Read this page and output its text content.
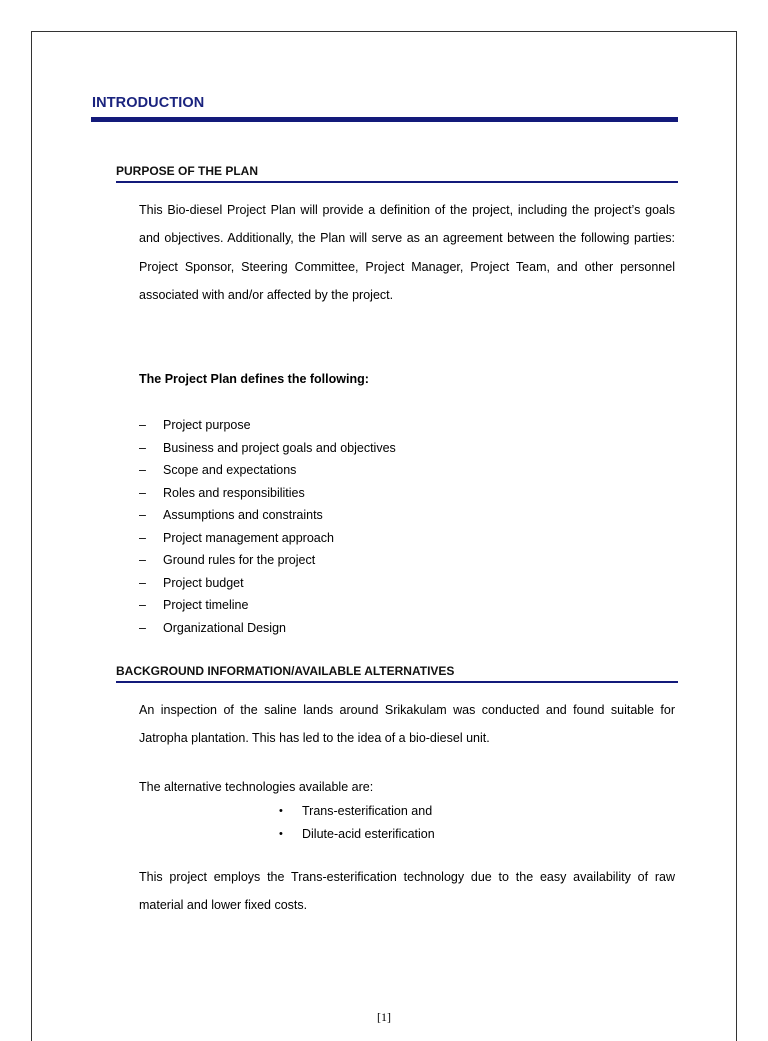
INTRODUCTION
PURPOSE OF THE PLAN
This Bio-diesel Project Plan will provide a definition of the project, including the project’s goals and objectives. Additionally, the Plan will serve as an agreement between the following parties: Project Sponsor, Steering Committee, Project Manager, Project Team, and other personnel associated with and/or affected by the project.
The Project Plan defines the following:
– Project purpose
– Business and project goals and objectives
– Scope and expectations
– Roles and responsibilities
– Assumptions and constraints
– Project management approach
– Ground rules for the project
– Project budget
– Project timeline
– Organizational Design
BACKGROUND INFORMATION/AVAILABLE ALTERNATIVES
An inspection of the saline lands around Srikakulam was conducted and found suitable for Jatropha plantation. This has led to the idea of a bio-diesel unit.
The alternative technologies available are:
• Trans-esterification and
• Dilute-acid esterification
This project employs the Trans-esterification technology due to the easy availability of raw material and lower fixed costs.
[1]
